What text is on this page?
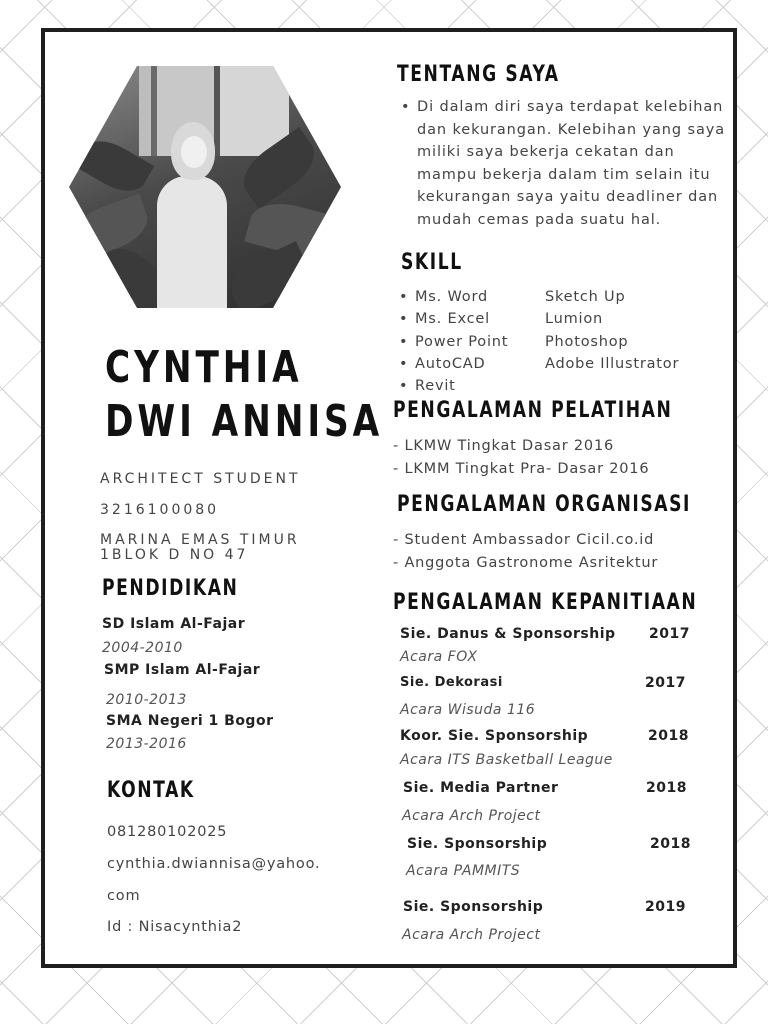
CYNTHIA
DWI ANNISA
ARCHITECT STUDENT
3216100080
MARINA EMAS TIMUR
1BLOK D NO 47
PENDIDIKAN
SD Islam Al-Fajar
2004-2010
SMP Islam Al-Fajar
2010-2013
SMA Negeri 1 Bogor
2013-2016
KONTAK
081280102025
cynthia.dwiannisa@yahoo.
com
Id : Nisacynthia2
TENTANG SAYA
• Di dalam diri saya terdapat kelebihan dan kekurangan. Kelebihan yang saya miliki saya bekerja cekatan dan mampu bekerja dalam tim selain itu kekurangan saya yaitu deadliner dan mudah cemas pada suatu hal.
SKILL
• Ms. Word
• Ms. Excel
• Power Point
• AutoCAD
• Revit
Sketch Up
Lumion
Photoshop
Adobe Illustrator
PENGALAMAN PELATIHAN
- LKMW Tingkat Dasar 2016
- LKMM Tingkat Pra- Dasar 2016
PENGALAMAN ORGANISASI
- Student Ambassador Cicil.co.id
- Anggota Gastronome Asritektur
PENGALAMAN KEPANITIAAN
Sie. Danus & Sponsorship 2017
Acara FOX
Sie. Dekorasi	2017
Acara Wisuda 116
Koor. Sie. Sponsorship	2018
Acara ITS Basketball League
Sie. Media Partner	2018
Acara Arch Project
Sie. Sponsorship	2018
Acara PAMMITS
Sie. Sponsorship	2019
Acara Arch Project
